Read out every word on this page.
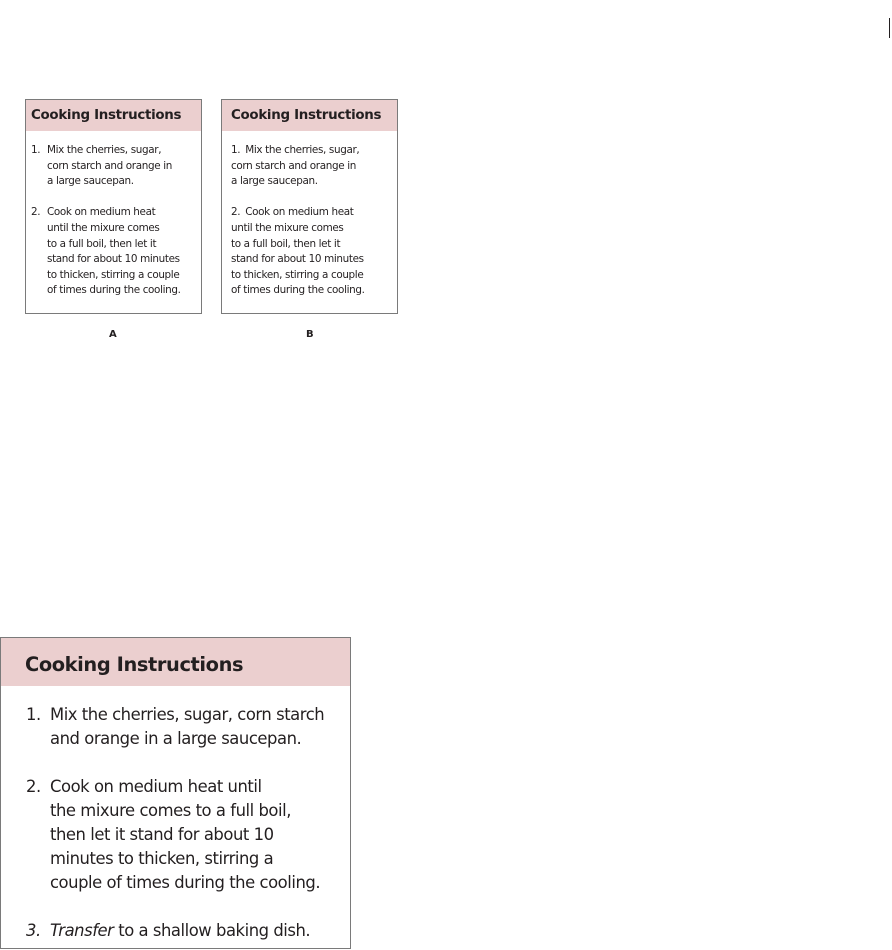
Cooking Instructions
1. Mix the cherries, sugar,
corn starch and orange in
a large saucepan.
2. Cook on medium heat
until the mixure comes
to a full boil, then let it
stand for about 10 minutes
to thicken, stirring a couple
of times during the cooling.
A
Cooking Instructions
1. Mix the cherries, sugar,
corn starch and orange in
a large saucepan.
2. Cook on medium heat
until the mixure comes
to a full boil, then let it
stand for about 10 minutes
to thicken, stirring a couple
of times during the cooling.
B
Cooking Instructions
1. Mix the cherries, sugar, corn starch
and orange in a large saucepan.
2. Cook on medium heat until
the mixure comes to a full boil,
then let it stand for about 10
minutes to thicken, stirring a
couple of times during the cooling.
3. Transfer to a shallow baking dish.
